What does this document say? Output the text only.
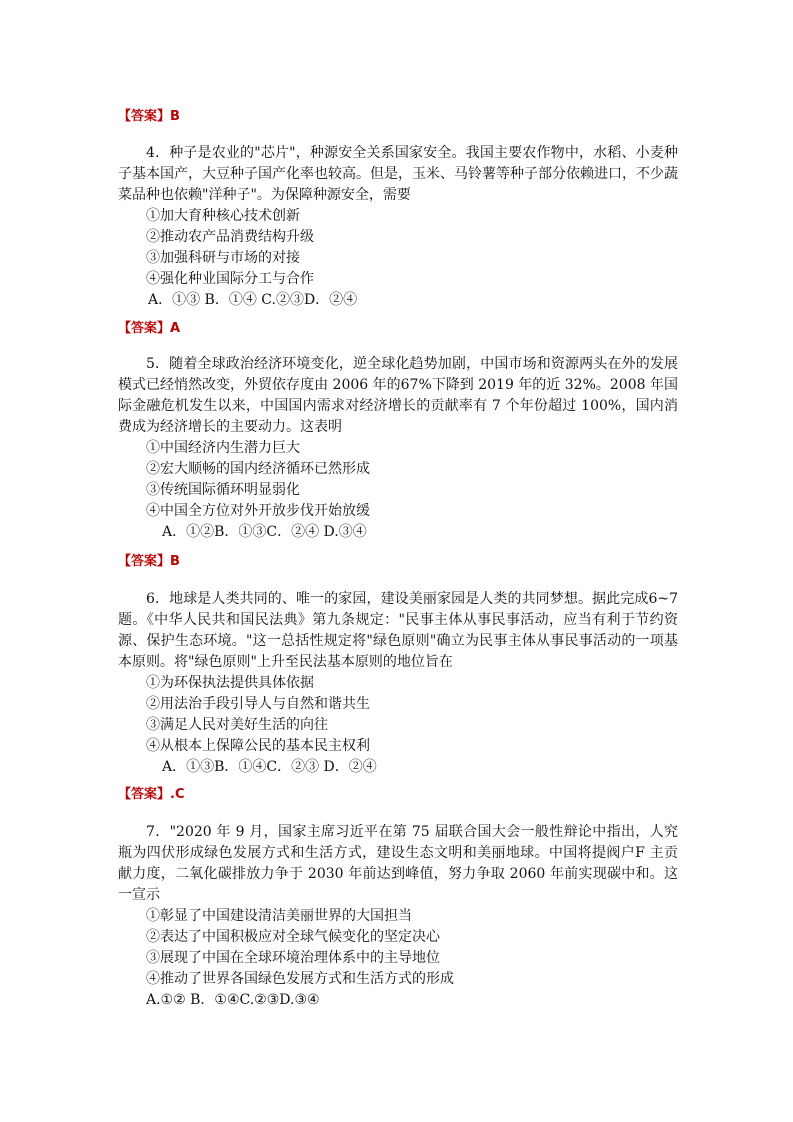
【答案】B

4．种子是农业的"芯片"，种源安全关系国家安全。我国主要农作物中，水稻、小麦种子基本国产，大豆种子国产化率也较高。但是，玉米、马铃薯等种子部分依赖进口，不少蔬菜品种也依赖"洋种子"。为保障种源安全，需要

①加大育种核心技术创新

②推动农产品消费结构升级

③加强科研与市场的对接

④强化种业国际分工与合作

A．①③ B．①④ C.②③D．②④

【答案】A

5．随着全球政治经济环境变化，逆全球化趋势加剧，中国市场和资源两头在外的发展模式已经悄然改变，外贸依存度由 2006 年的67%下降到 2019 年的近 32%。2008 年国际金融危机发生以来，中国国内需求对经济增长的贡献率有 7 个年份超过 100%，国内消费成为经济增长的主要动力。这表明

①中国经济内生潜力巨大

②宏大顺畅的国内经济循环已然形成

③传统国际循环明显弱化

④中国全方位对外开放步伐开始放缓

A．①②B．①③C．②④ D.③④

【答案】B

6．地球是人类共同的、唯一的家园，建设美丽家园是人类的共同梦想。据此完成6~7 题。《中华人民共和国民法典》第九条规定："民事主体从事民事活动，应当有利于节约资源、保护生态环境。"这一总括性规定将"绿色原则"确立为民事主体从事民事活动的一项基本原则。将"绿色原则"上升至民法基本原则的地位旨在

①为环保执法提供具体依据

②用法治手段引导人与自然和谐共生

③满足人民对美好生活的向往

④从根本上保障公民的基本民主权利

A．①③B．①④C．②③ D．②④

【答案】.C

7．"2020 年 9 月，国家主席习近平在第 75 届联合国大会一般性辩论中指出，人究瓶为四伏形成绿色发展方式和生活方式，建设生态文明和美丽地球。中国将提阀户F 主贡献力度，二氧化碳排放力争于 2030 年前达到峰值，努力争取 2060 年前实现碳中和。这一宣示

①彰显了中国建设清洁美丽世界的大国担当

②表达了中国积极应对全球气候变化的坚定决心

③展现了中国在全球环境治理体系中的主导地位

④推动了世界各国绿色发展方式和生活方式的形成

A.①② B．①④C.②③D.③④
